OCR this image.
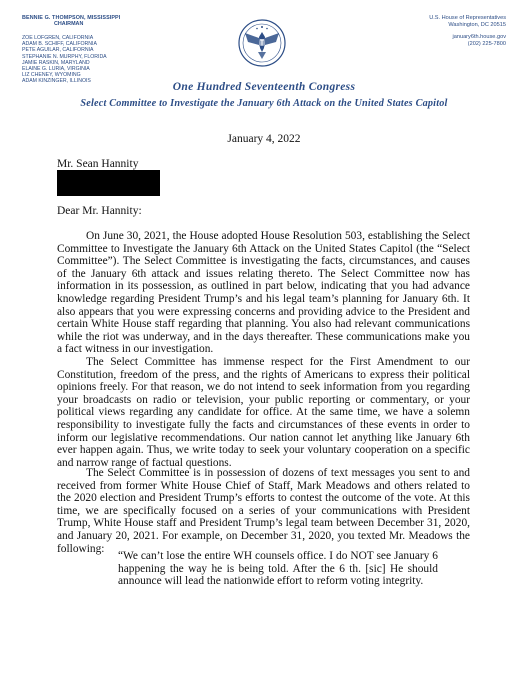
BENNIE G. THOMPSON, MISSISSIPPI
CHAIRMAN
ZOE LOFGREN, CALIFORNIA
ADAM B. SCHIFF, CALIFORNIA
PETE AGUILAR, CALIFORNIA
STEPHANIE N. MURPHY, FLORIDA
JAMIE RASKIN, MARYLAND
ELAINE G. LURIA, VIRGINIA
LIZ CHENEY, WYOMING
ADAM KINZINGER, ILLINOIS
U.S. House of Representatives
Washington, DC 20515
january6th.house.gov
(202) 225-7800
One Hundred Seventeenth Congress
Select Committee to Investigate the January 6th Attack on the United States Capitol
January 4, 2022
Mr. Sean Hannity
Dear Mr. Hannity:

On June 30, 2021, the House adopted House Resolution 503, establishing the Select Committee to Investigate the January 6th Attack on the United States Capitol (the “Select Committee”). The Select Committee is investigating the facts, circumstances, and causes of the January 6th attack and issues relating thereto. The Select Committee now has information in its possession, as outlined in part below, indicating that you had advance knowledge regarding President Trump’s and his legal team’s planning for January 6th. It also appears that you were expressing concerns and providing advice to the President and certain White House staff regarding that planning. You also had relevant communications while the riot was underway, and in the days thereafter. These communications make you a fact witness in our investigation.

The Select Committee has immense respect for the First Amendment to our Constitution, freedom of the press, and the rights of Americans to express their political opinions freely. For that reason, we do not intend to seek information from you regarding your broadcasts on radio or television, your public reporting or commentary, or your political views regarding any candidate for office. At the same time, we have a solemn responsibility to investigate fully the facts and circumstances of these events in order to inform our legislative recommendations. Our nation cannot let anything like January 6th ever happen again. Thus, we write today to seek your voluntary cooperation on a specific and narrow range of factual questions.

The Select Committee is in possession of dozens of text messages you sent to and received from former White House Chief of Staff, Mark Meadows and others related to the 2020 election and President Trump’s efforts to contest the outcome of the vote. At this time, we are specifically focused on a series of your communications with President Trump, White House staff and President Trump’s legal team between December 31, 2020, and January 20, 2021. For example, on December 31, 2020, you texted Mr. Meadows the following:

“We can’t lose the entire WH counsels office. I do NOT see January 6 happening the way he is being told. After the 6 th. [sic] He should announce will lead the nationwide effort to reform voting integrity.
